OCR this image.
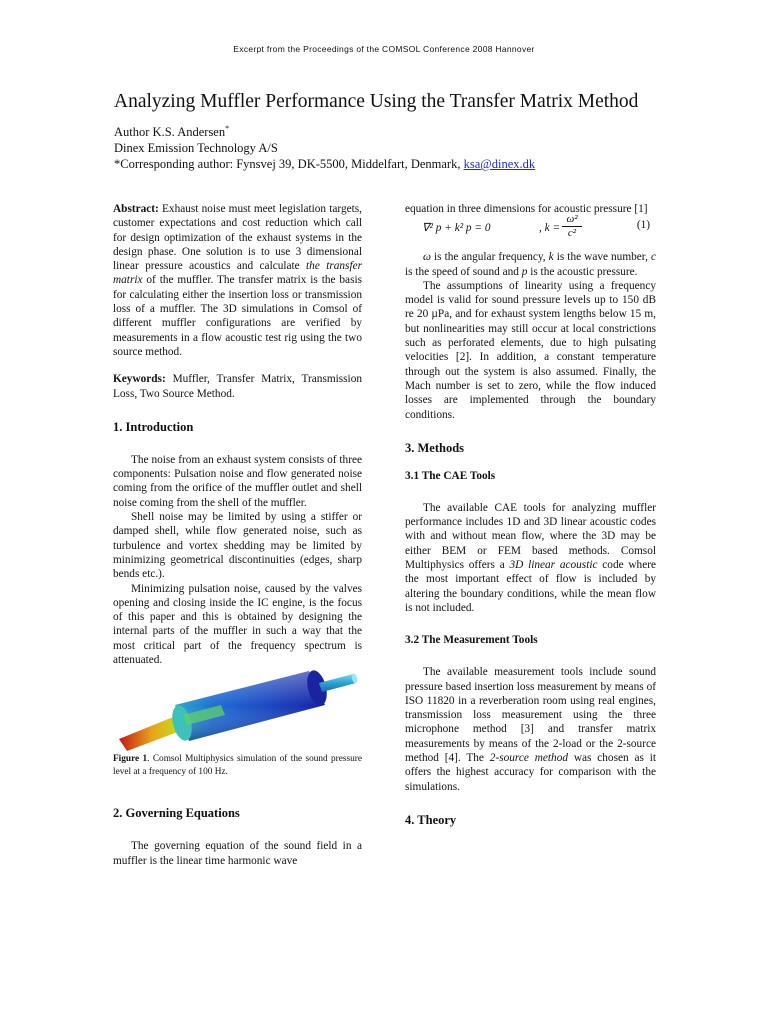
Excerpt from the Proceedings of the COMSOL Conference 2008 Hannover
Analyzing Muffler Performance Using the Transfer Matrix Method
Author K.S. Andersen*
Dinex Emission Technology A/S
*Corresponding author: Fynsvej 39, DK-5500, Middelfart, Denmark, ksa@dinex.dk

Abstract: Exhaust noise must meet legislation targets, customer expectations and cost reduction which call for design optimization of the exhaust systems in the design phase. One solution is to use 3 dimensional linear pressure acoustics and calculate the transfer matrix of the muffler. The transfer matrix is the basis for calculating either the insertion loss or transmission loss of a muffler. The 3D simulations in Comsol of different muffler configurations are verified by measurements in a flow acoustic test rig using the two source method.

Keywords: Muffler, Transfer Matrix, Transmission Loss, Two Source Method.

1. Introduction

The noise from an exhaust system consists of three components: Pulsation noise and flow generated noise coming from the orifice of the muffler outlet and shell noise coming from the shell of the muffler.

Shell noise may be limited by using a stiffer or damped shell, while flow generated noise, such as turbulence and vortex shedding may be limited by minimizing geometrical discontinuities (edges, sharp bends etc.).

Minimizing pulsation noise, caused by the valves opening and closing inside the IC engine, is the focus of this paper and this is obtained by designing the internal parts of the muffler in such a way that the most critical part of the frequency spectrum is attenuated.

Figure 1. Comsol Multiphysics simulation of the sound pressure level at a frequency of 100 Hz.

2. Governing Equations

The governing equation of the sound field in a muffler is the linear time harmonic wave

equation in three dimensions for acoustic pressure [1]

∇² p + k² p = 0	, $k = \frac{\text{ω²}}{\text{c²}}$	(1)

ω is the angular frequency, k is the wave number, c is the speed of sound and p is the acoustic pressure.

The assumptions of linearity using a frequency model is valid for sound pressure levels up to 150 dB re 20 µPa, and for exhaust system lengths below 15 m, but nonlinearities may still occur at local constrictions such as perforated elements, due to high pulsating velocities [2]. In addition, a constant temperature through out the system is also assumed. Finally, the Mach number is set to zero, while the flow induced losses are implemented through the boundary conditions.

3. Methods
3.1 The CAE Tools

The available CAE tools for analyzing muffler performance includes 1D and 3D linear acoustic codes with and without mean flow, where the 3D may be either BEM or FEM based methods. Comsol Multiphysics offers a 3D linear acoustic code where the most important effect of flow is included by altering the boundary conditions, while the mean flow is not included.

3.2 The Measurement Tools

The available measurement tools include sound pressure based insertion loss measurement by means of ISO 11820 in a reverberation room using real engines, transmission loss measurement using the three microphone method [3] and transfer matrix measurements by means of the 2-load or the 2-source method [4]. The 2-source method was chosen as it offers the highest accuracy for comparison with the simulations.

4. Theory
